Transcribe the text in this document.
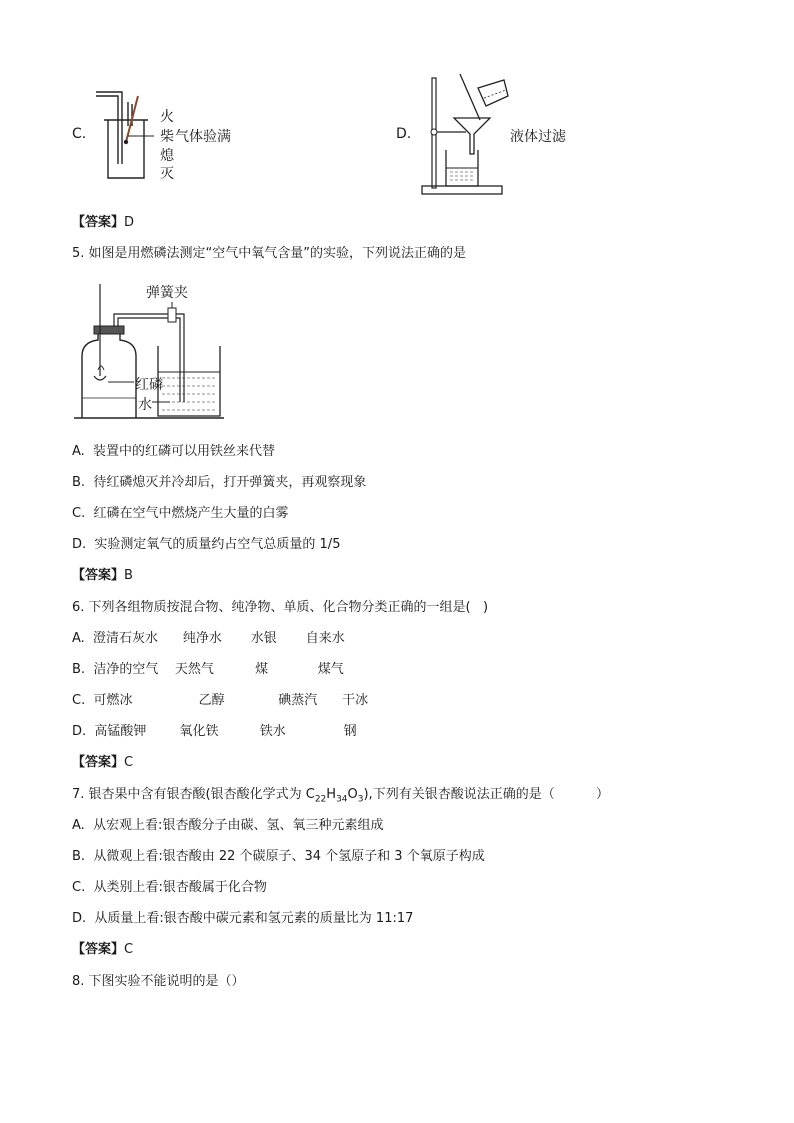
C.
火
柴 气体验满
熄
灭
D.	液体过滤
【答案】D
5. 如图是用燃磷法测定“空气中氧气含量”的实验，下列说法正确的是
弹簧夹
红磷
水
A.  装置中的红磷可以用铁丝来代替
B.  待红磷熄灭并冷却后，打开弹簧夹，再观察现象
C.  红磷在空气中燃烧产生大量的白雾
D.  实验测定氧气的质量约占空气总质量的 1/5
【答案】B
6. 下列各组物质按混合物、纯净物、单质、化合物分类正确的一组是(   )
A.  澄清石灰水      纯净水       水银       自来水
B.  洁净的空气    天然气          煤            煤气
C.  可燃冰                乙醇             碘蒸汽      干冰
D.  高锰酸钾        氧化铁          铁水              钢
【答案】C
7. 银杏果中含有银杏酸(银杏酸化学式为 $C_{22}H_{34}O_3$),下列有关银杏酸说法正确的是（          ）
A.  从宏观上看:银杏酸分子由碳、氢、氧三种元素组成
B.  从微观上看:银杏酸由 22 个碳原子、34 个氢原子和 3 个氧原子构成
C.  从类别上看:银杏酸属于化合物
D.  从质量上看:银杏酸中碳元素和氢元素的质量比为 11:17
【答案】C
8. 下图实验不能说明的是（）
